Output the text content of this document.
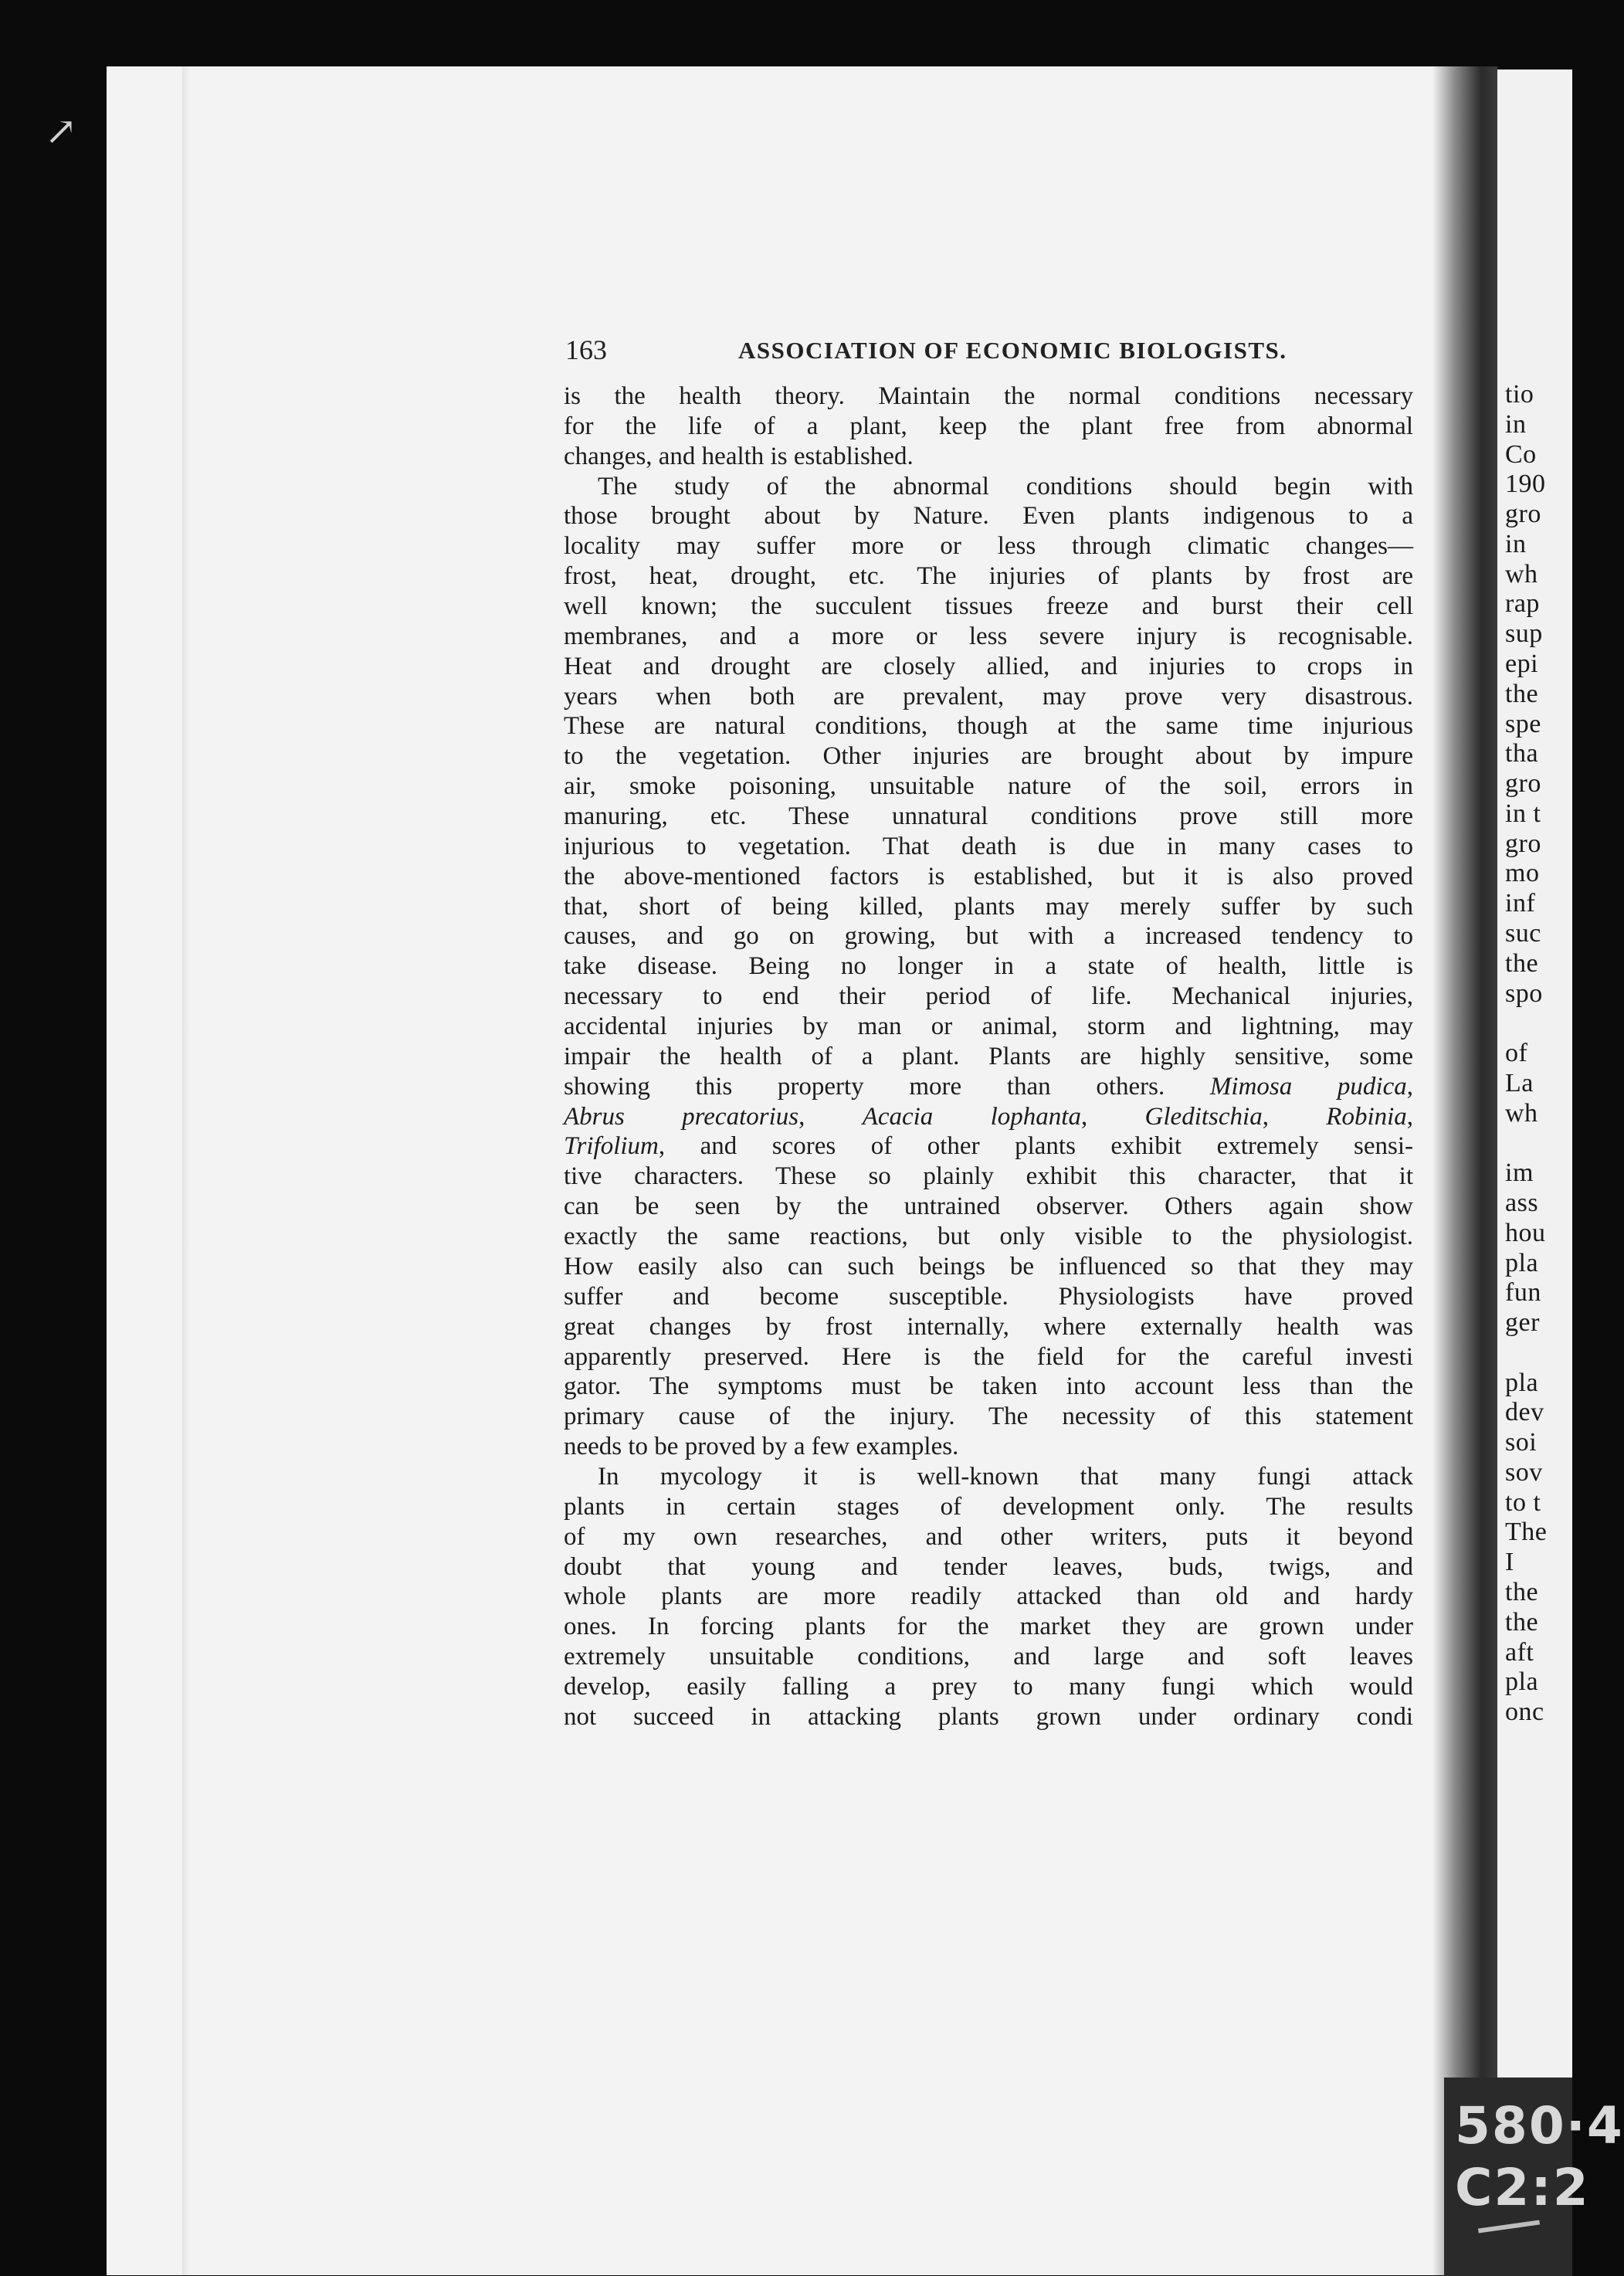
↗
tio
in
Co
190
gro
in
wh
rap
sup
epi
the
spe
tha
gro
in t
gro
mo
inf
suc
the
spo
of
La
wh
im
ass
hou
pla
fun
ger
pla
dev
soi
sov
to t
The
I
the
the
aft
pla
onc
580·4
C2:2
163	ASSOCIATION OF ECONOMIC BIOLOGISTS.
is the health theory. Maintain the normal conditions necessary
for the life of a plant, keep the plant free from abnormal
changes, and health is established.
The study of the abnormal conditions should begin with
those brought about by Nature. Even plants indigenous to a
locality may suffer more or less through climatic changes—
frost, heat, drought, etc. The injuries of plants by frost are
well known; the succulent tissues freeze and burst their cell
membranes, and a more or less severe injury is recognisable.
Heat and drought are closely allied, and injuries to crops in
years when both are prevalent, may prove very disastrous.
These are natural conditions, though at the same time injurious
to the vegetation. Other injuries are brought about by impure
air, smoke poisoning, unsuitable nature of the soil, errors in
manuring, etc. These unnatural conditions prove still more
injurious to vegetation. That death is due in many cases to
the above-mentioned factors is established, but it is also proved
that, short of being killed, plants may merely suffer by such
causes, and go on growing, but with a increased tendency to
take disease. Being no longer in a state of health, little is
necessary to end their period of life. Mechanical injuries,
accidental injuries by man or animal, storm and lightning, may
impair the health of a plant. Plants are highly sensitive, some
showing this property more than others. Mimosa pudica,
Abrus precatorius, Acacia lophanta, Gleditschia, Robinia,
Trifolium, and scores of other plants exhibit extremely sensi-
tive characters. These so plainly exhibit this character, that it
can be seen by the untrained observer. Others again show
exactly the same reactions, but only visible to the physiologist.
How easily also can such beings be influenced so that they may
suffer and become susceptible. Physiologists have proved
great changes by frost internally, where externally health was
apparently preserved. Here is the field for the careful investi
gator. The symptoms must be taken into account less than the
primary cause of the injury. The necessity of this statement
needs to be proved by a few examples.
In mycology it is well-known that many fungi attack
plants in certain stages of development only. The results
of my own researches, and other writers, puts it beyond
doubt that young and tender leaves, buds, twigs, and
whole plants are more readily attacked than old and hardy
ones. In forcing plants for the market they are grown under
extremely unsuitable conditions, and large and soft leaves
develop, easily falling a prey to many fungi which would
not succeed in attacking plants grown under ordinary condi
